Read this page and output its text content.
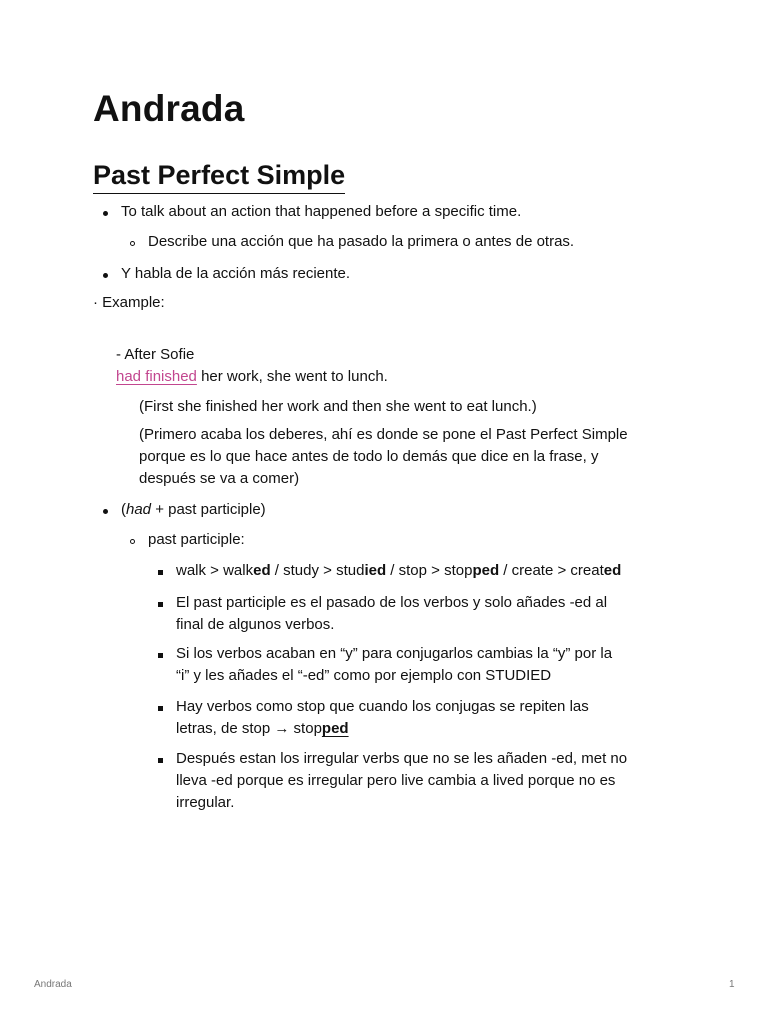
Andrada
Past Perfect Simple
To talk about an action that happened before a specific time.
Describe una acción que ha pasado la primera o antes de otras.
Y habla de la acción más reciente.
· Example:
- After Sofie
had finished her work, she went to lunch.
(First she finished her work and then she went to eat lunch.)
(Primero acaba los deberes, ahí es donde se pone el Past Perfect Simple
porque es lo que hace antes de todo lo demás que dice en la frase, y
después se va a comer)
(had + past participle)
past participle:
walk > walked / study > studied / stop > stopped / create > created
El past participle es el pasado de los verbos y solo añades -ed al
final de algunos verbos.
Si los verbos acaban en “y” para conjugarlos cambias la “y” por la
“i” y les añades el “-ed” como por ejemplo con STUDIED
Hay verbos como stop que cuando los conjugas se repiten las
letras, de stop → stopped
Después estan los irregular verbs que no se les añaden -ed, met no
lleva -ed porque es irregular pero live cambia a lived porque no es
irregular.
Andrada	1
